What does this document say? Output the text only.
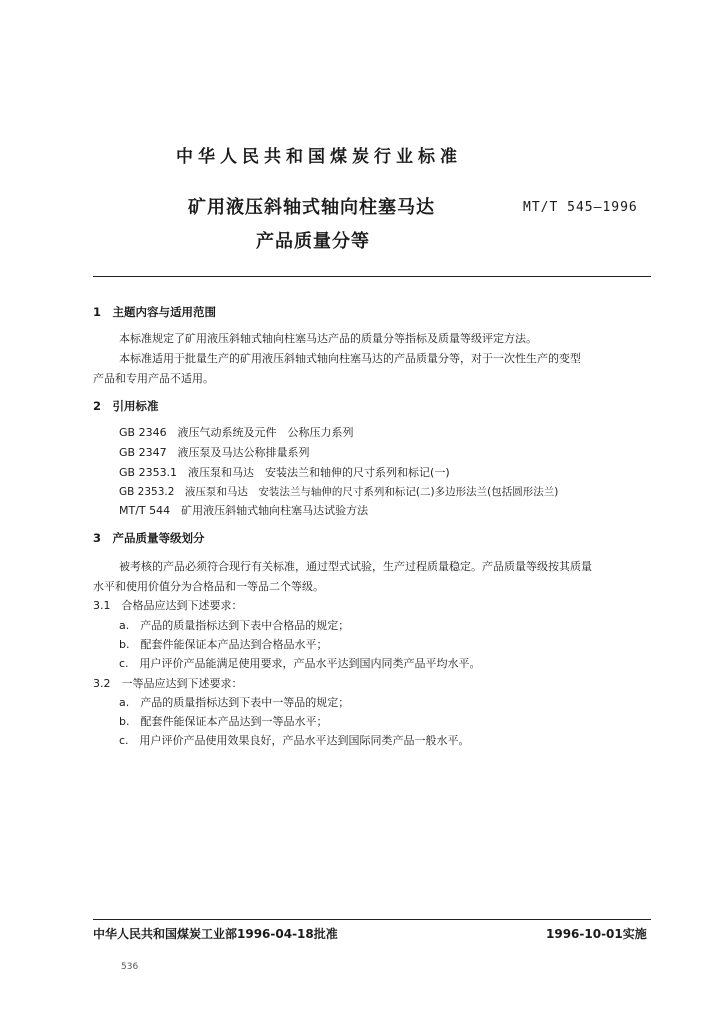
中华人民共和国煤炭行业标准
矿用液压斜轴式轴向柱塞马达	MT/T 545—1996
产品质量分等
1　主题内容与适用范围
本标准规定了矿用液压斜轴式轴向柱塞马达产品的质量分等指标及质量等级评定方法。
本标准适用于批量生产的矿用液压斜轴式轴向柱塞马达的产品质量分等，对于一次性生产的变型
产品和专用产品不适用。
2　引用标准
GB 2346　液压气动系统及元件　公称压力系列
GB 2347　液压泵及马达公称排量系列
GB 2353.1　液压泵和马达　安装法兰和轴伸的尺寸系列和标记(一)
GB 2353.2　液压泵和马达　安装法兰与轴伸的尺寸系列和标记(二)多边形法兰(包括圆形法兰)
MT/T 544　矿用液压斜轴式轴向柱塞马达试验方法
3　产品质量等级划分
被考核的产品必须符合现行有关标准，通过型式试验，生产过程质量稳定。产品质量等级按其质量
水平和使用价值分为合格品和一等品二个等级。
3.1　合格品应达到下述要求：
a.　产品的质量指标达到下表中合格品的规定；
b.　配套件能保证本产品达到合格品水平；
c.　用户评价产品能满足使用要求，产品水平达到国内同类产品平均水平。
3.2　一等品应达到下述要求：
a.　产品的质量指标达到下表中一等品的规定；
b.　配套件能保证本产品达到一等品水平；
c.　用户评价产品使用效果良好，产品水平达到国际同类产品一般水平。
中华人民共和国煤炭工业部1996-04-18批准	1996-10-01实施
536
